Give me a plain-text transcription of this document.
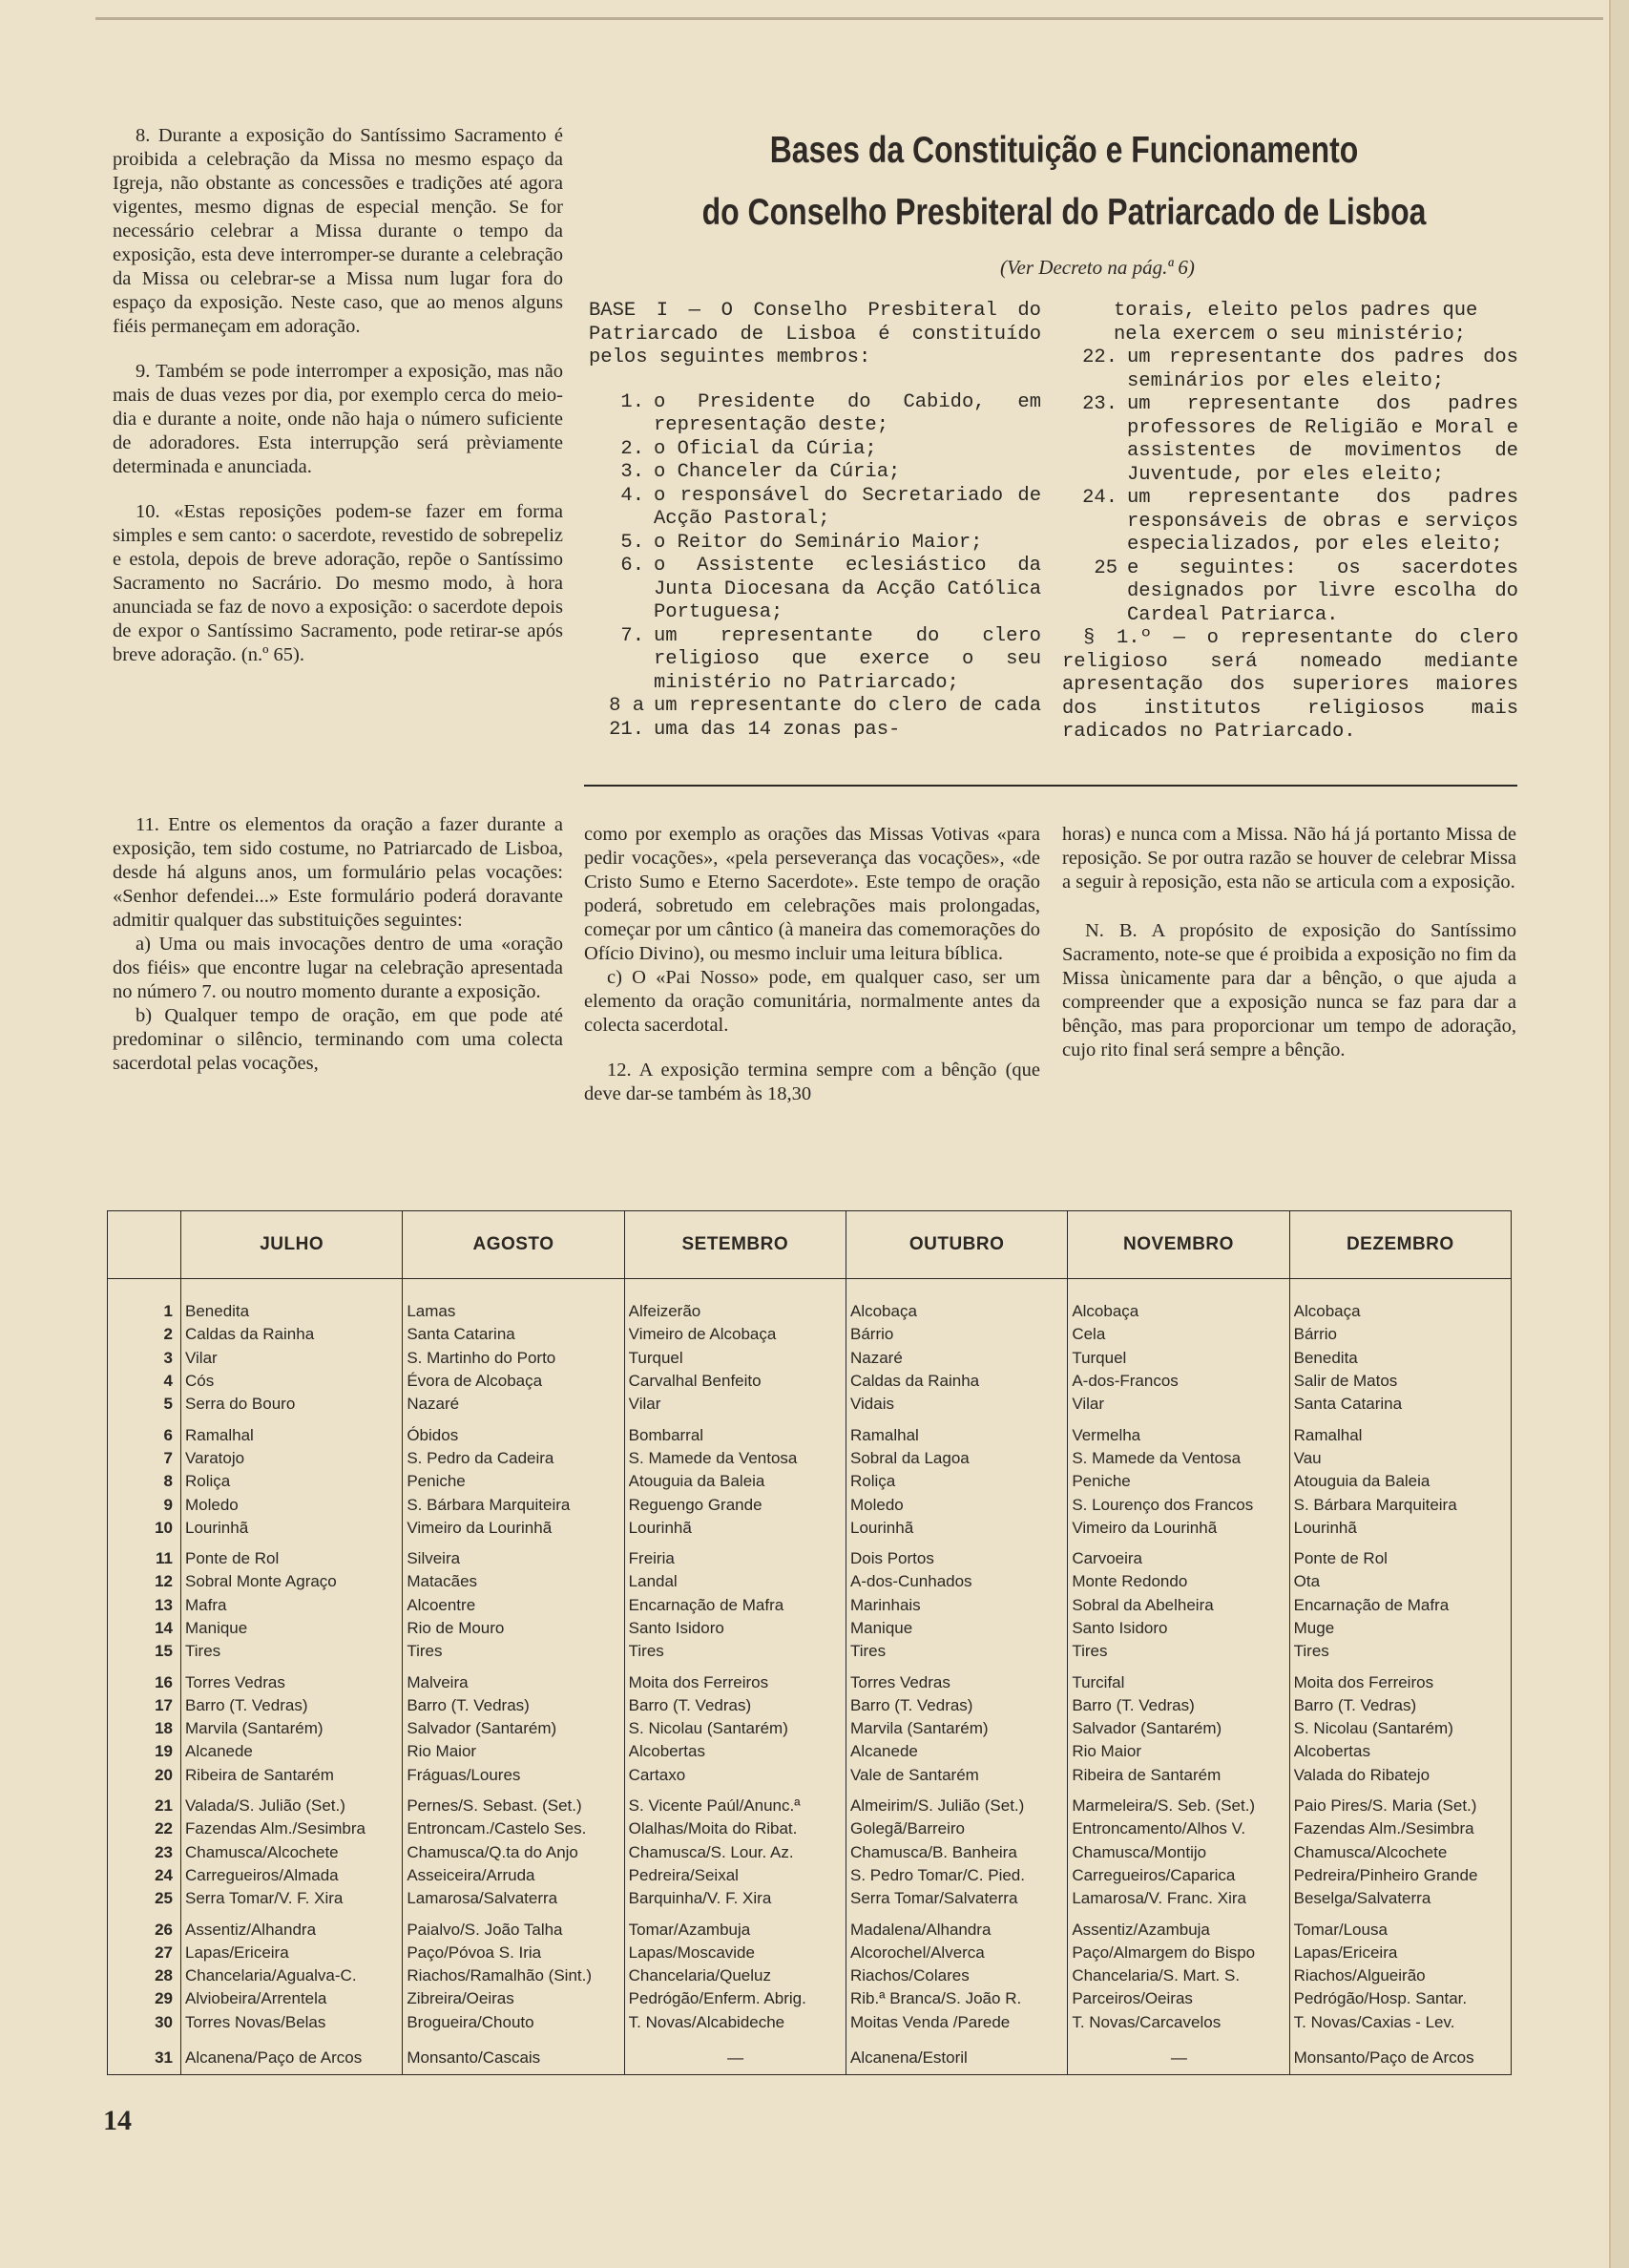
8. Durante a exposição do Santíssimo Sacramento é proibida a celebração da Missa no mesmo espaço da Igreja, não obstante as concessões e tradições até agora vigentes, mesmo dignas de especial menção. Se for necessário celebrar a Missa durante o tempo da exposição, esta deve interromper-se durante a celebração da Missa ou celebrar-se a Missa num lugar fora do espaço da exposição. Neste caso, que ao menos alguns fiéis permaneçam em adoração.

9. Também se pode interromper a exposição, mas não mais de duas vezes por dia, por exemplo cerca do meio-dia e durante a noite, onde não haja o número suficiente de adoradores. Esta interrupção será prèviamente determinada e anunciada.

10. «Estas reposições podem-se fazer em forma simples e sem canto: o sacerdote, revestido de sobrepeliz e estola, depois de breve adoração, repõe o Santíssimo Sacramento no Sacrário. Do mesmo modo, à hora anunciada se faz de novo a exposição: o sacerdote depois de expor o Santíssimo Sacramento, pode retirar-se após breve adoração. (n.º 65).

Bases da Constituição e Funcionamento
do Conselho Presbiteral do Patriarcado de Lisboa
(Ver Decreto na pág.ª 6)

BASE I — O Conselho Presbiteral do Patriarcado de Lisboa é constituído pelos seguintes membros:

1. o Presidente do Cabido, em representação deste;
2. o Oficial da Cúria;
3. o Chanceler da Cúria;
4. o responsável do Secretariado de Acção Pastoral;
5. o Reitor do Seminário Maior;
6. o Assistente eclesiástico da Junta Diocesana da Acção Católica Portuguesa;
7. um representante do clero religioso que exerce o seu ministério no Patriarcado;
8 a 21.
um representante do clero de cada uma das 14 zonas pas-

torais, eleito pelos padres que nela exercem o seu ministério;

22. um representante dos padres dos seminários por eles eleito;
23. um representante dos padres professores de Religião e Moral e assistentes de movimentos de Juventude, por eles eleito;
24. um representante dos padres responsáveis de obras e serviços especializados, por eles eleito;
25 e seguintes: os sacerdotes designados por livre escolha do Cardeal Patriarca.

§ 1.º — o representante do clero religioso será nomeado mediante apresentação dos superiores maiores dos institutos religiosos mais radicados no Patriarcado.

11. Entre os elementos da oração a fazer durante a exposição, tem sido costume, no Patriarcado de Lisboa, desde há alguns anos, um formulário pelas vocações: «Senhor defendei...» Este formulário poderá doravante admitir qualquer das substituições seguintes:

a) Uma ou mais invocações dentro de uma «oração dos fiéis» que encontre lugar na celebração apresentada no número 7. ou noutro momento durante a exposição.

b) Qualquer tempo de oração, em que pode até predominar o silêncio, terminando com uma colecta sacerdotal pelas vocações,

como por exemplo as orações das Missas Votivas «para pedir vocações», «pela perseverança das vocações», «de Cristo Sumo e Eterno Sacerdote». Este tempo de oração poderá, sobretudo em celebrações mais prolongadas, começar por um cântico (à maneira das comemorações do Ofício Divino), ou mesmo incluir uma leitura bíblica.

c) O «Pai Nosso» pode, em qualquer caso, ser um elemento da oração comunitária, normalmente antes da colecta sacerdotal.

12. A exposição termina sempre com a bênção (que deve dar-se também às 18,30

horas) e nunca com a Missa. Não há já portanto Missa de reposição. Se por outra razão se houver de celebrar Missa a seguir à reposição, esta não se articula com a exposição.

N. B. A propósito de exposição do Santíssimo Sacramento, note-se que é proibida a exposição no fim da Missa ùnicamente para dar a bênção, o que ajuda a compreender que a exposição nunca se faz para dar a bênção, mas para proporcionar um tempo de adoração, cujo rito final será sempre a bênção.

	JULHO	AGOSTO	SETEMBRO	OUTUBRO	NOVEMBRO	DEZEMBRO

1	Benedita	Lamas	Alfeizerão	Alcobaça	Alcobaça	Alcobaça

2	Caldas da Rainha	Santa Catarina	Vimeiro de Alcobaça	Bárrio	Cela	Bárrio

3	Vilar	S. Martinho do Porto	Turquel	Nazaré	Turquel	Benedita

4	Cós	Évora de Alcobaça	Carvalhal Benfeito	Caldas da Rainha	A-dos-Francos	Salir de Matos

5	Serra do Bouro	Nazaré	Vilar	Vidais	Vilar	Santa Catarina

6	Ramalhal	Óbidos	Bombarral	Ramalhal	Vermelha	Ramalhal

7	Varatojo	S. Pedro da Cadeira	S. Mamede da Ventosa	Sobral da Lagoa	S. Mamede da Ventosa	Vau

8	Roliça	Peniche	Atouguia da Baleia	Roliça	Peniche	Atouguia da Baleia

9	Moledo	S. Bárbara Marquiteira	Reguengo Grande	Moledo	S. Lourenço dos Francos	S. Bárbara Marquiteira

10	Lourinhã	Vimeiro da Lourinhã	Lourinhã	Lourinhã	Vimeiro da Lourinhã	Lourinhã

11	Ponte de Rol	Silveira	Freiria	Dois Portos	Carvoeira	Ponte de Rol

12	Sobral Monte Agraço	Matacães	Landal	A-dos-Cunhados	Monte Redondo	Ota

13	Mafra	Alcoentre	Encarnação de Mafra	Marinhais	Sobral da Abelheira	Encarnação de Mafra

14	Manique	Rio de Mouro	Santo Isidoro	Manique	Santo Isidoro	Muge

15	Tires	Tires	Tires	Tires	Tires	Tires

16	Torres Vedras	Malveira	Moita dos Ferreiros	Torres Vedras	Turcifal	Moita dos Ferreiros

17	Barro (T. Vedras)	Barro (T. Vedras)	Barro (T. Vedras)	Barro (T. Vedras)	Barro (T. Vedras)	Barro (T. Vedras)

18	Marvila (Santarém)	Salvador (Santarém)	S. Nicolau (Santarém)	Marvila (Santarém)	Salvador (Santarém)	S. Nicolau (Santarém)

19	Alcanede	Rio Maior	Alcobertas	Alcanede	Rio Maior	Alcobertas

20	Ribeira de Santarém	Fráguas/Loures	Cartaxo	Vale de Santarém	Ribeira de Santarém	Valada do Ribatejo

21	Valada/S. Julião (Set.)	Pernes/S. Sebast. (Set.)	S. Vicente Paúl/Anunc.ª	Almeirim/S. Julião (Set.)	Marmeleira/S. Seb. (Set.)	Paio Pires/S. Maria (Set.)

22	Fazendas Alm./Sesimbra	Entroncam./Castelo Ses.	Olalhas/Moita do Ribat.	Golegã/Barreiro	Entroncamento/Alhos V.	Fazendas Alm./Sesimbra

23	Chamusca/Alcochete	Chamusca/Q.ta do Anjo	Chamusca/S. Lour. Az.	Chamusca/B. Banheira	Chamusca/Montijo	Chamusca/Alcochete

24	Carregueiros/Almada	Asseiceira/Arruda	Pedreira/Seixal	S. Pedro Tomar/C. Pied.	Carregueiros/Caparica	Pedreira/Pinheiro Grande

25	Serra Tomar/V. F. Xira	Lamarosa/Salvaterra	Barquinha/V. F. Xira	Serra Tomar/Salvaterra	Lamarosa/V. Franc. Xira	Beselga/Salvaterra

26	Assentiz/Alhandra	Paialvo/S. João Talha	Tomar/Azambuja	Madalena/Alhandra	Assentiz/Azambuja	Tomar/Lousa

27	Lapas/Ericeira	Paço/Póvoa S. Iria	Lapas/Moscavide	Alcorochel/Alverca	Paço/Almargem do Bispo	Lapas/Ericeira

28	Chancelaria/Agualva-C.	Riachos/Ramalhão (Sint.)	Chancelaria/Queluz	Riachos/Colares	Chancelaria/S. Mart. S.	Riachos/Algueirão

29	Alviobeira/Arrentela	Zibreira/Oeiras	Pedrógão/Enferm. Abrig.	Rib.ª Branca/S. João R.	Parceiros/Oeiras	Pedrógão/Hosp. Santar.

30	Torres Novas/Belas	Brogueira/Chouto	T. Novas/Alcabideche	Moitas Venda /Parede	T. Novas/Carcavelos	T. Novas/Caxias - Lev.

31	Alcanena/Paço de Arcos	Monsanto/Cascais	—	Alcanena/Estoril	—	Monsanto/Paço de Arcos
14
